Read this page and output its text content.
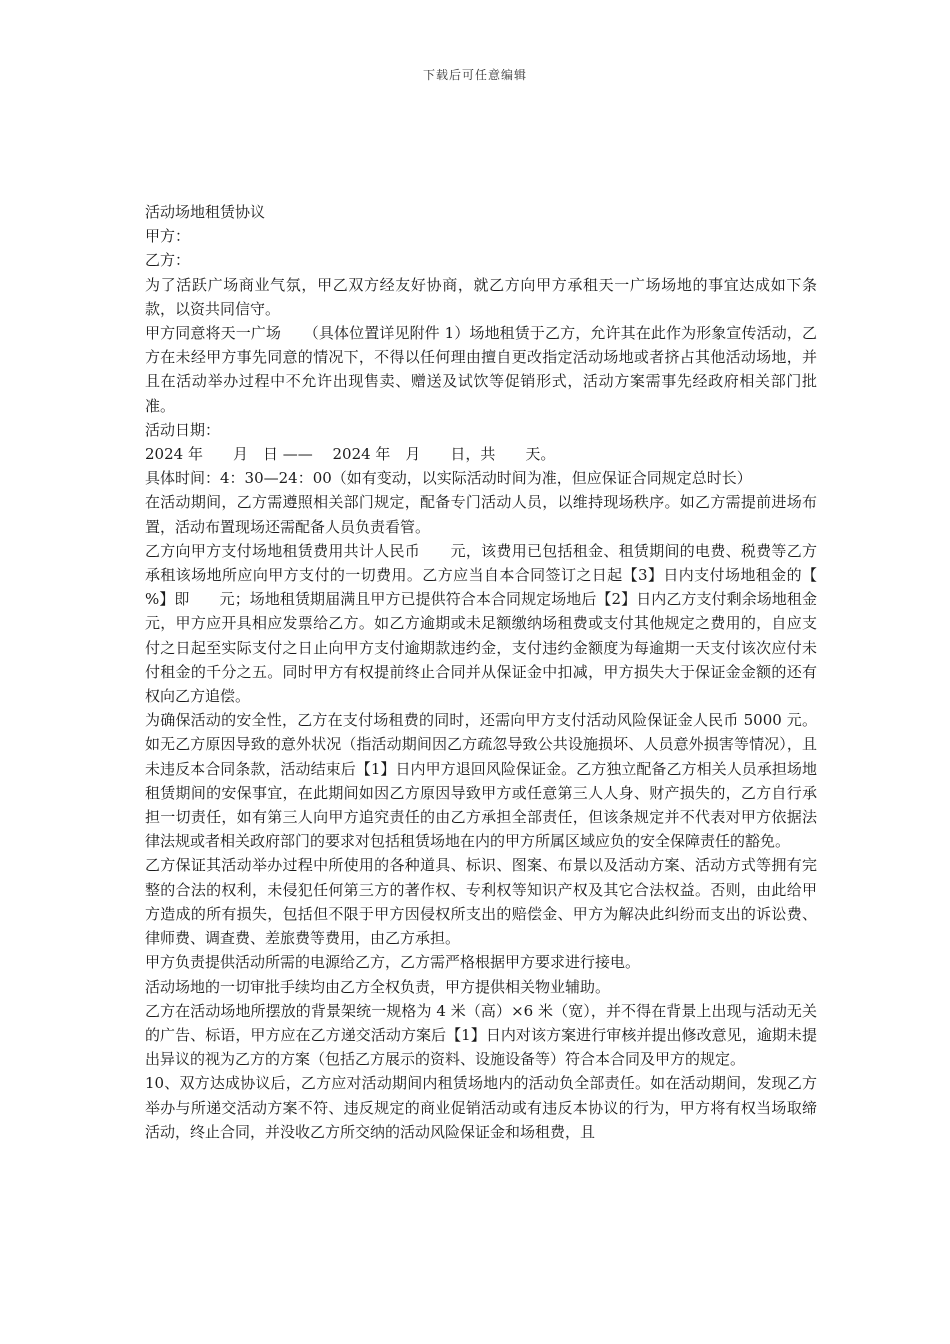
下载后可任意编辑
活动场地租赁协议

甲方：

乙方：

为了活跃广场商业气氛，甲乙双方经友好协商，就乙方向甲方承租天一广场场地的事宜达成如下条款，以资共同信守。

甲方同意将天一广场　　（具体位置详见附件 1）场地租赁于乙方，允许其在此作为形象宣传活动，乙方在未经甲方事先同意的情况下，不得以任何理由擅自更改指定活动场地或者挤占其他活动场地，并且在活动举办过程中不允许出现售卖、赠送及试饮等促销形式，活动方案需事先经政府相关部门批准。

活动日期：

2024 年　　月　日 ——　 2024 年　月　　日，共　　天。

具体时间：4：30—24：00（如有变动，以实际活动时间为准，但应保证合同规定总时长）

在活动期间，乙方需遵照相关部门规定，配备专门活动人员，以维持现场秩序。如乙方需提前进场布置，活动布置现场还需配备人员负责看管。

乙方向甲方支付场地租赁费用共计人民币　　元，该费用已包括租金、租赁期间的电费、税费等乙方承租该场地所应向甲方支付的一切费用。乙方应当自本合同签订之日起【3】日内支付场地租金的【　%】即　　元；场地租赁期届满且甲方已提供符合本合同规定场地后【2】日内乙方支付剩余场地租金　元，甲方应开具相应发票给乙方。如乙方逾期或未足额缴纳场租费或支付其他规定之费用的，自应支付之日起至实际支付之日止向甲方支付逾期款违约金，支付违约金额度为每逾期一天支付该次应付未付租金的千分之五。同时甲方有权提前终止合同并从保证金中扣减，甲方损失大于保证金金额的还有权向乙方追偿。

为确保活动的安全性，乙方在支付场租费的同时，还需向甲方支付活动风险保证金人民币 5000 元。如无乙方原因导致的意外状况（指活动期间因乙方疏忽导致公共设施损坏、人员意外损害等情况），且未违反本合同条款，活动结束后【1】日内甲方退回风险保证金。乙方独立配备乙方相关人员承担场地租赁期间的安保事宜，在此期间如因乙方原因导致甲方或任意第三人人身、财产损失的，乙方自行承担一切责任，如有第三人向甲方追究责任的由乙方承担全部责任，但该条规定并不代表对甲方依据法律法规或者相关政府部门的要求对包括租赁场地在内的甲方所属区域应负的安全保障责任的豁免。

乙方保证其活动举办过程中所使用的各种道具、标识、图案、布景以及活动方案、活动方式等拥有完整的合法的权利，未侵犯任何第三方的著作权、专利权等知识产权及其它合法权益。否则，由此给甲方造成的所有损失，包括但不限于甲方因侵权所支出的赔偿金、甲方为解决此纠纷而支出的诉讼费、律师费、调查费、差旅费等费用，由乙方承担。

甲方负责提供活动所需的电源给乙方，乙方需严格根据甲方要求进行接电。

活动场地的一切审批手续均由乙方全权负责，甲方提供相关物业辅助。

乙方在活动场地所摆放的背景架统一规格为 4 米（高）×6 米（宽），并不得在背景上出现与活动无关的广告、标语，甲方应在乙方递交活动方案后【1】日内对该方案进行审核并提出修改意见，逾期未提出异议的视为乙方的方案（包括乙方展示的资料、设施设备等）符合本合同及甲方的规定。

10、双方达成协议后，乙方应对活动期间内租赁场地内的活动负全部责任。如在活动期间，发现乙方举办与所递交活动方案不符、违反规定的商业促销活动或有违反本协议的行为，甲方将有权当场取缔活动，终止合同，并没收乙方所交纳的活动风险保证金和场租费，且
